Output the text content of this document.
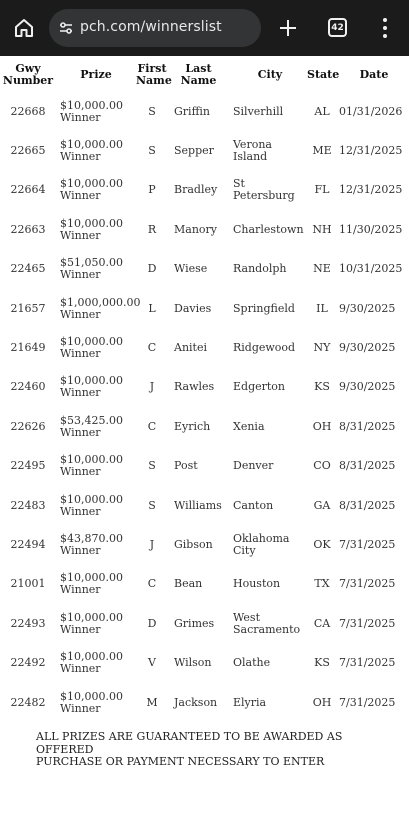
pch.com/winnerslist	42
Gwy
Number	Prize	First
Name	Last Name	City	State	Date
22668	$10,000.00
Winner	S	Griffin	Silverhill	AL	01/31/2026
22665	$10,000.00
Winner	S	Sepper	Verona Island	ME	12/31/2025
22664	$10,000.00
Winner	P	Bradley	St Petersburg	FL	12/31/2025
22663	$10,000.00
Winner	R	Manory	Charlestown	NH	11/30/2025
22465	$51,050.00
Winner	D	Wiese	Randolph	NE	10/31/2025
21657	$1,000,000.00
Winner	L	Davies	Springfield	IL	9/30/2025
21649	$10,000.00
Winner	C	Anitei	Ridgewood	NY	9/30/2025
22460	$10,000.00
Winner	J	Rawles	Edgerton	KS	9/30/2025
22626	$53,425.00
Winner	C	Eyrich	Xenia	OH	8/31/2025
22495	$10,000.00
Winner	S	Post	Denver	CO	8/31/2025
22483	$10,000.00
Winner	S	Williams	Canton	GA	8/31/2025
22494	$43,870.00
Winner	J	Gibson	Oklahoma City	OK	7/31/2025
21001	$10,000.00
Winner	C	Bean	Houston	TX	7/31/2025
22493	$10,000.00
Winner	D	Grimes	West Sacramento	CA	7/31/2025
22492	$10,000.00
Winner	V	Wilson	Olathe	KS	7/31/2025
22482	$10,000.00
Winner	M	Jackson	Elyria	OH	7/31/2025
ALL PRIZES ARE GUARANTEED TO BE AWARDED AS OFFERED
PURCHASE OR PAYMENT NECESSARY TO ENTER
